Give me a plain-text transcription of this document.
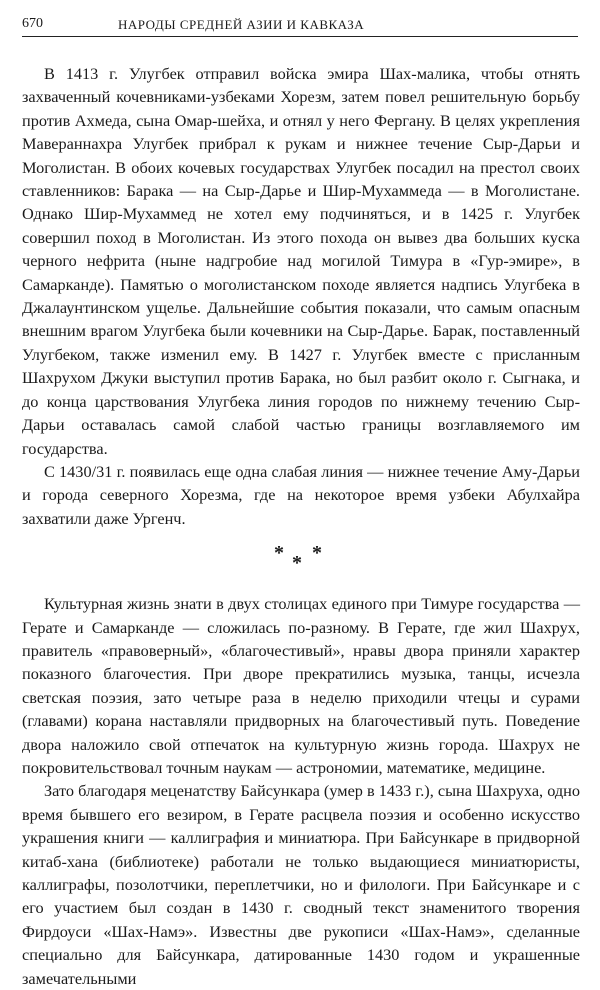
670	НАРОДЫ СРЕДНЕЙ АЗИИ И КАВКАЗА

В 1413 г. Улугбек отправил войска эмира Шах-малика, чтобы отнять захваченный кочевниками-узбеками Хорезм, затем повел решительную борьбу против Ахмеда, сына Омар-шейха, и отнял у него Фергану. В целях укрепления Мавераннахра Улугбек прибрал к рукам и нижнее течение Сыр-Дарьи и Моголистан. В обоих кочевых государствах Улугбек посадил на престол своих ставленников: Барака — на Сыр-Дарье и Шир-Мухаммеда — в Моголистане. Однако Шир-Мухаммед не хотел ему подчиняться, и в 1425 г. Улугбек совершил поход в Моголистан. Из этого похода он вывез два больших куска черного нефрита (ныне надгробие над могилой Тимура в «Гур-эмире», в Самарканде). Памятью о моголистанском походе является надпись Улугбека в Джалаунтинском ущелье. Дальнейшие события показали, что самым опасным внешним врагом Улугбека были кочевники на Сыр-Дарье. Барак, поставленный Улугбеком, также изменил ему. В 1427 г. Улугбек вместе с присланным Шахрухом Джуки выступил против Барака, но был разбит около г. Сыгнака, и до конца царствования Улугбека линия городов по нижнему течению Сыр-Дарьи оставалась самой слабой частью границы возглавляемого им государства.

С 1430/31 г. появилась еще одна слабая линия — нижнее течение Аму-Дарьи и города северного Хорезма, где на некоторое время узбеки Абулхайра захватили даже Ургенч.

* * *

Культурная жизнь знати в двух столицах единого при Тимуре государства — Герате и Самарканде — сложилась по-разному. В Герате, где жил Шахрух, правитель «правоверный», «благочестивый», нравы двора приняли характер показного благочестия. При дворе прекратились музыка, танцы, исчезла светская поэзия, зато четыре раза в неделю приходили чтецы и сурами (главами) корана наставляли придворных на благочестивый путь. Поведение двора наложило свой отпечаток на культурную жизнь города. Шахрух не покровительствовал точным наукам — астрономии, математике, медицине.

Зато благодаря меценатству Байсункара (умер в 1433 г.), сына Шахруха, одно время бывшего его везиром, в Герате расцвела поэзия и особенно искусство украшения книги — каллиграфия и миниатюра. При Байсункаре в придворной китаб-хана (библиотеке) работали не только выдающиеся миниатюристы, каллиграфы, позолотчики, переплетчики, но и филологи. При Байсункаре и с его участием был создан в 1430 г. сводный текст знаменитого творения Фирдоуси «Шах-Намэ». Известны две рукописи «Шах-Намэ», сделанные специально для Байсункара, датированные 1430 годом и украшенные замечательными
